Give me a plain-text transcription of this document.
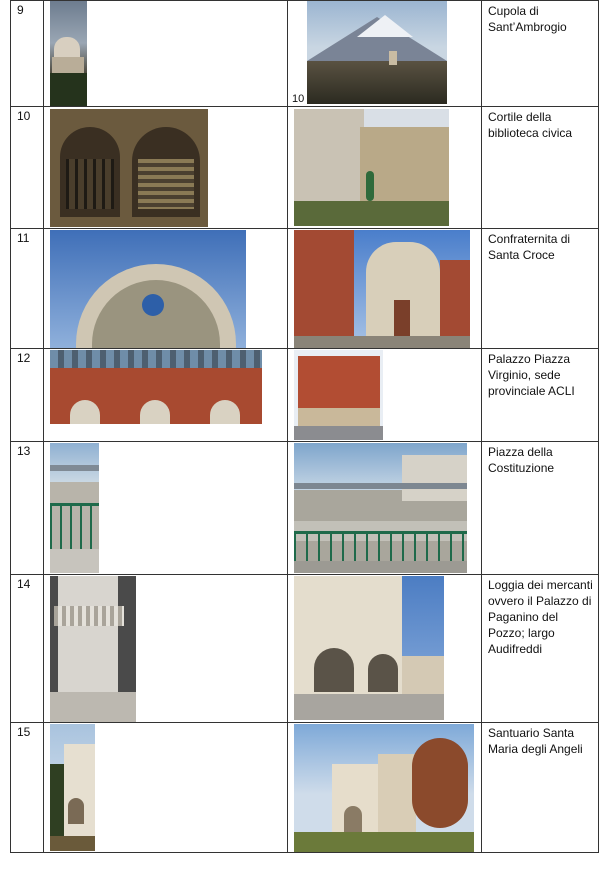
9		10	Cupola di Sant’Ambrogio
10			Cortile della biblioteca civica
11			Confraternita di Santa Croce
12			Palazzo Piazza Virginio, sede provinciale ACLI
13			Piazza della Costituzione
14			Loggia dei mercanti ovvero il Palazzo di Paganino del Pozzo; largo Audifreddi
15			Santuario Santa Maria degli Angeli
